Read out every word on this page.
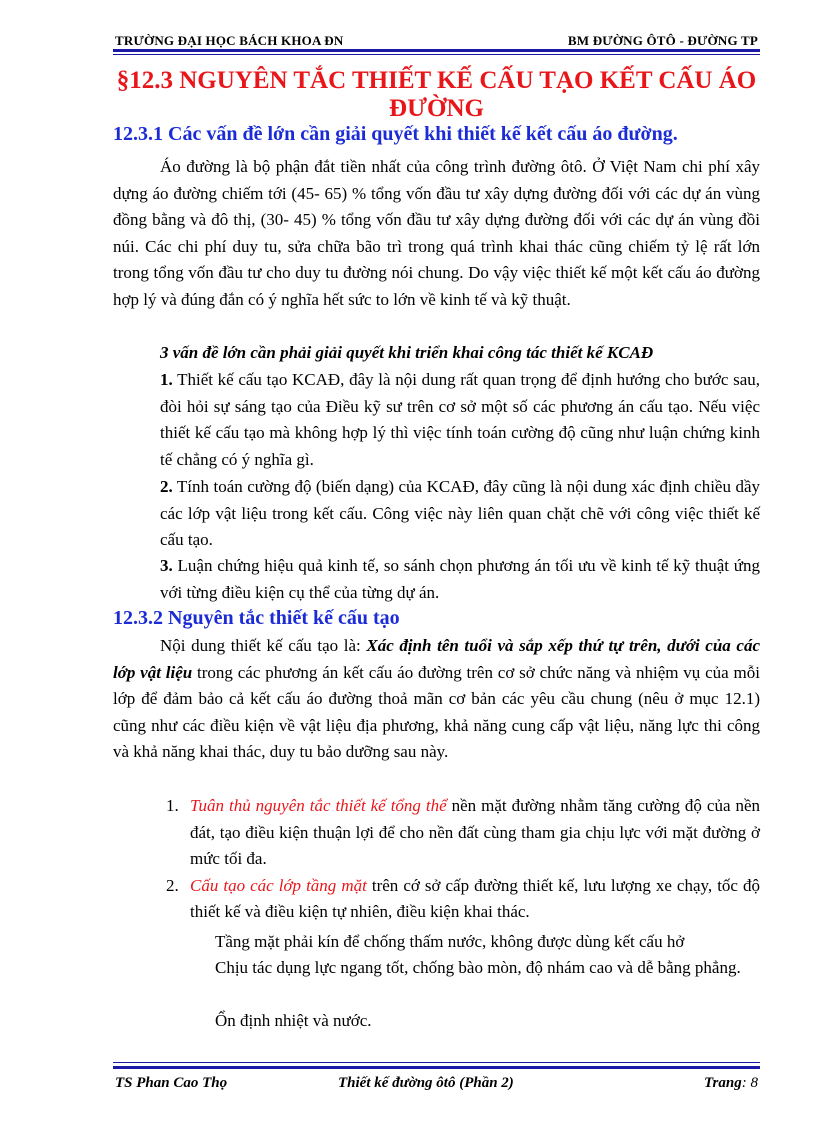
TRƯỜNG ĐẠI HỌC BÁCH KHOA ĐN	BM ĐƯỜNG ÔTÔ - ĐƯỜNG TP
§12.3 NGUYÊN TẮC THIẾT KẾ CẤU TẠO KẾT CẤU ÁO ĐƯỜNG
12.3.1 Các vấn đề lớn cần giải quyết khi thiết kế kết cấu áo đường.
Áo đường là bộ phận đắt tiền nhất của công trình đường ôtô. Ở Việt Nam chi phí xây dựng áo đường chiếm tới (45- 65) % tổng vốn đầu tư xây dựng đường đối với các dự án vùng đồng bằng và đô thị, (30- 45) % tổng vốn đầu tư xây dựng đường đối với các dự án vùng đồi núi. Các chi phí duy tu, sửa chữa bão trì trong quá trình khai thác cũng chiếm tỷ lệ rất lớn trong tổng vốn đầu tư cho duy tu đường nói chung. Do vậy việc thiết kế một kết cấu áo đường hợp lý và đúng đắn có ý nghĩa hết sức to lớn về kinh tế và kỹ thuật.
3 vấn đề lớn cần phải giải quyết khi triển khai công tác thiết kế KCAĐ
1. Thiết kế cấu tạo KCAĐ, đây là nội dung rất quan trọng để định hướng cho bước sau, đòi hỏi sự sáng tạo của Điều kỹ sư trên cơ sở một số các phương án cấu tạo. Nếu việc thiết kế cấu tạo mà không hợp lý thì việc tính toán cường độ cũng như luận chứng kinh tế chẳng có ý nghĩa gì.
2. Tính toán cường độ (biến dạng) của KCAĐ, đây cũng là nội dung xác định chiều dầy các lớp vật liệu trong kết cấu. Công việc này liên quan chặt chẽ với công việc thiết kế cấu tạo.
3. Luận chứng hiệu quả kinh tế, so sánh chọn phương án tối ưu về kinh tế kỹ thuật ứng với từng điều kiện cụ thể của từng dự án.
12.3.2 Nguyên tắc thiết kế cấu tạo
Nội dung thiết kế cấu tạo là: Xác định tên tuổi và sắp xếp thứ tự trên, dưới của các lớp vật liệu trong các phương án kết cấu áo đường trên cơ sở chức năng và nhiệm vụ của mỗi lớp để đảm bảo cả kết cấu áo đường thoả mãn cơ bản các yêu cầu chung (nêu ở mục 12.1) cũng như các điều kiện về vật liệu địa phương, khả năng cung cấp vật liệu, năng lực thi công và khả năng khai thác, duy tu bảo dưỡng sau này.
1. Tuân thủ nguyên tắc thiết kế tổng thể nền mặt đường nhằm tăng cường độ của nền đát, tạo điều kiện thuận lợi để cho nền đất cùng tham gia chịu lực với mặt đường ở mức tối đa.
2. Cấu tạo các lớp tầng mặt trên cớ sở cấp đường thiết kế, lưu lượng xe chạy, tốc độ thiết kế và điều kiện tự nhiên, điều kiện khai thác.
Tầng mặt phải kín để chống thấm nước, không được dùng kết cấu hở
Chịu tác dụng lực ngang tốt, chống bào mòn, độ nhám cao và dễ bằng phẳng.
Ổn định nhiệt và nước.
TS Phan Cao Thọ	Thiết kế đường ôtô (Phần 2)	Trang: 8
